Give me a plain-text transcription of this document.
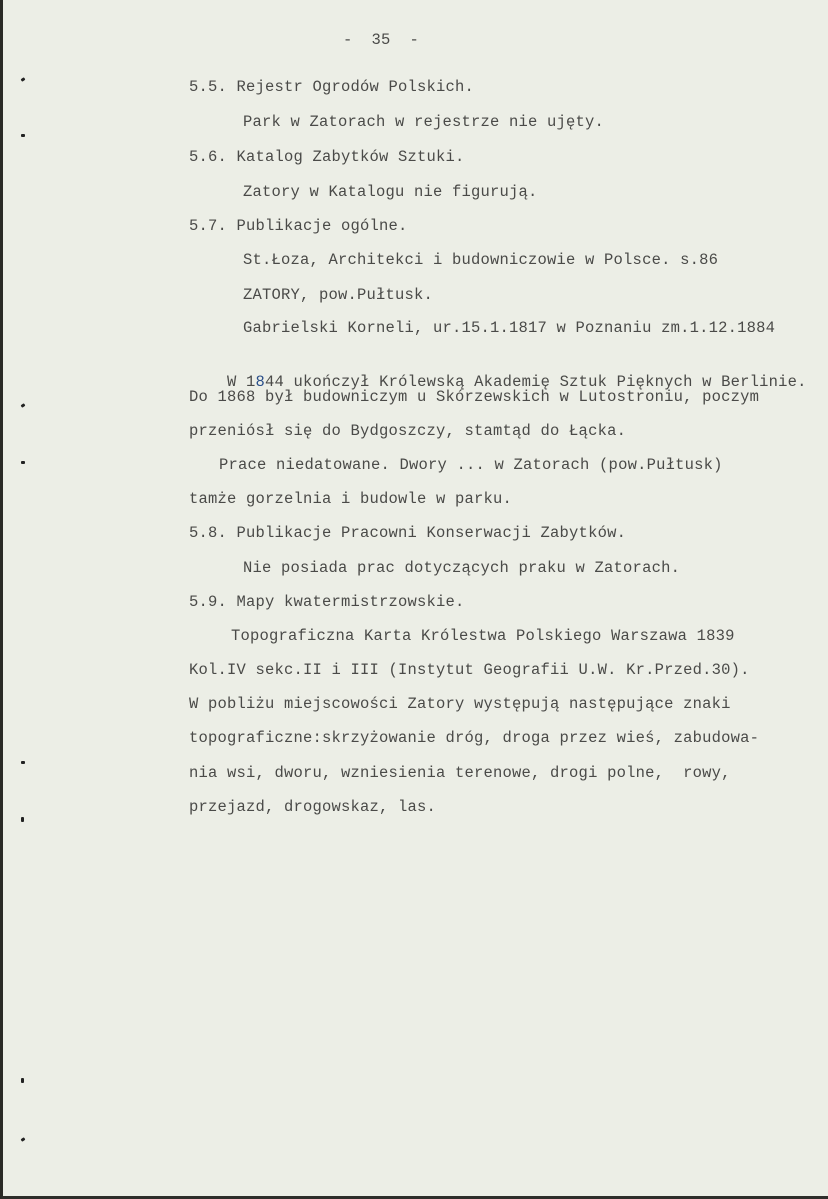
-  35  -
5.5. Rejestr Ogrodów Polskich.
Park w Zatorach w rejestrze nie ujęty.
5.6. Katalog Zabytków Sztuki.
Zatory w Katalogu nie figurują.
5.7. Publikacje ogólne.
St.Łoza, Architekci i budowniczowie w Polsce. s.86
ZATORY, pow.Pułtusk.
Gabrielski Korneli, ur.15.1.1817 w Poznaniu zm.1.12.1884

W 1844 ukończył Królewską Akademię Sztuk Pięknych w Berlinie.

Do 1868 był budowniczym u Skórzewskich w Lutostroniu, poczym
przeniósł się do Bydgoszczy, stamtąd do Łącka.
Prace niedatowane. Dwory ... w Zatorach (pow.Pułtusk)
tamże gorzelnia i budowle w parku.
5.8. Publikacje Pracowni Konserwacji Zabytków.
Nie posiada prac dotyczących praku w Zatorach.
5.9. Mapy kwatermistrzowskie.
Topograficzna Karta Królestwa Polskiego Warszawa 1839
Kol.IV sekc.II i III (Instytut Geografii U.W. Kr.Przed.30).
W pobliżu miejscowości Zatory występują następujące znaki
topograficzne:skrzyżowanie dróg, droga przez wieś, zabudowa-
nia wsi, dworu, wzniesienia terenowe, drogi polne,  rowy,
przejazd, drogowskaz, las.
